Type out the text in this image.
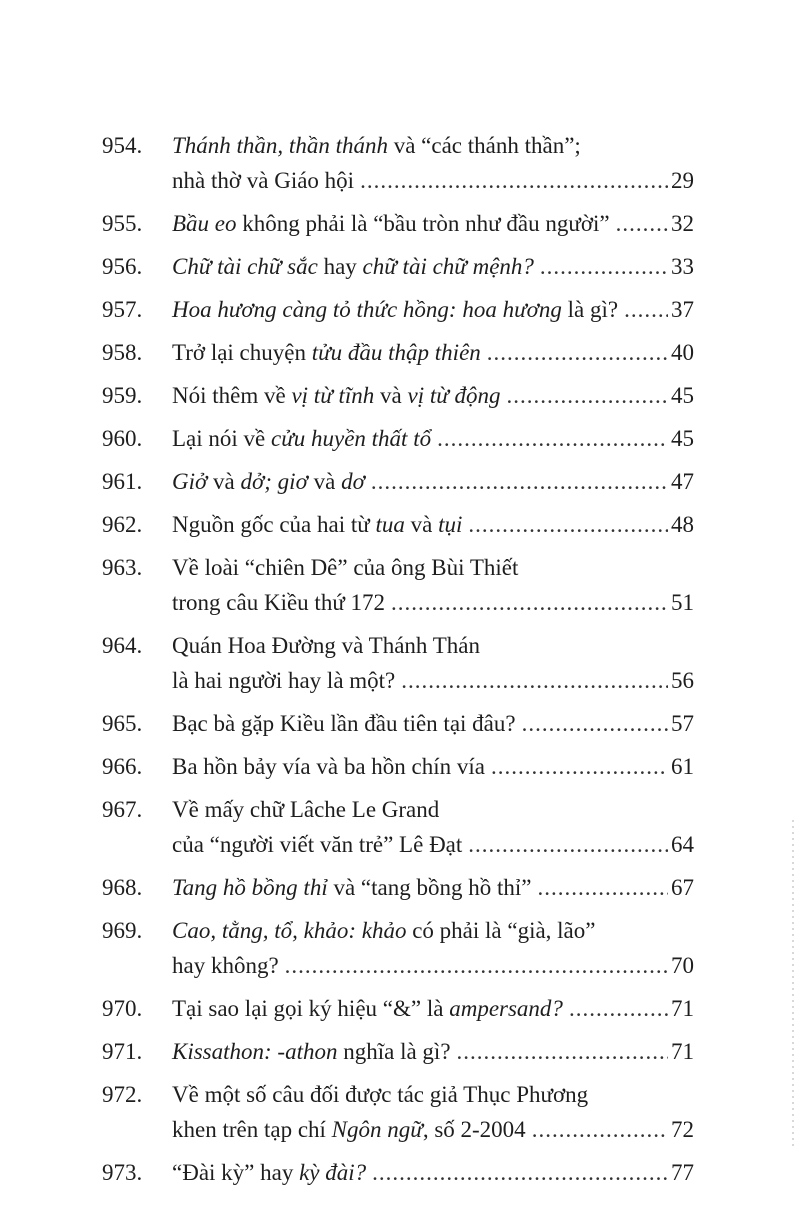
954.	Thánh thần, thần thánh và “các thánh thần”;
nhà thờ và Giáo hội .....	29
955.	Bầu eo không phải là “bầu tròn như đầu người” .....	32
956.	Chữ tài chữ sắc hay chữ tài chữ mệnh? .....	33
957.	Hoa hương càng tỏ thức hồng: hoa hương là gì? ..... 37
958.	Trở lại chuyện tửu đầu thập thiên .....	40
959.	Nói thêm về vị từ tĩnh và vị từ động .....	45
960.	Lại nói về cửu huyền thất tổ .....	45
961.	Giở và dở; giơ và dơ .....	47
962.	Nguồn gốc của hai từ tua và tụi .....	48
963.	Về loài “chiên Dê” của ông Bùi Thiết
trong câu Kiều thứ 172 .....	51
964.	Quán Hoa Đường và Thánh Thán
là hai người hay là một? .....	56
965.	Bạc bà gặp Kiều lần đầu tiên tại đâu? .....	57
966.	Ba hồn bảy vía và ba hồn chín vía .....	61
967.	Về mấy chữ Lâche Le Grand
của “người viết văn trẻ” Lê Đạt .....	64
968.	Tang hồ bồng thỉ và “tang bồng hồ thỉ” .....	67
969.	Cao, tằng, tổ, khảo: khảo có phải là “già, lão”
hay không? .....	70
970.	Tại sao lại gọi ký hiệu “&” là ampersand? .....	71
971.	Kissathon: -athon nghĩa là gì? .....	71
972.	Về một số câu đối được tác giả Thục Phương
khen trên tạp chí Ngôn ngữ, số 2-2004 .....	72
973.	“Đài kỳ” hay kỳ đài? .....	77
